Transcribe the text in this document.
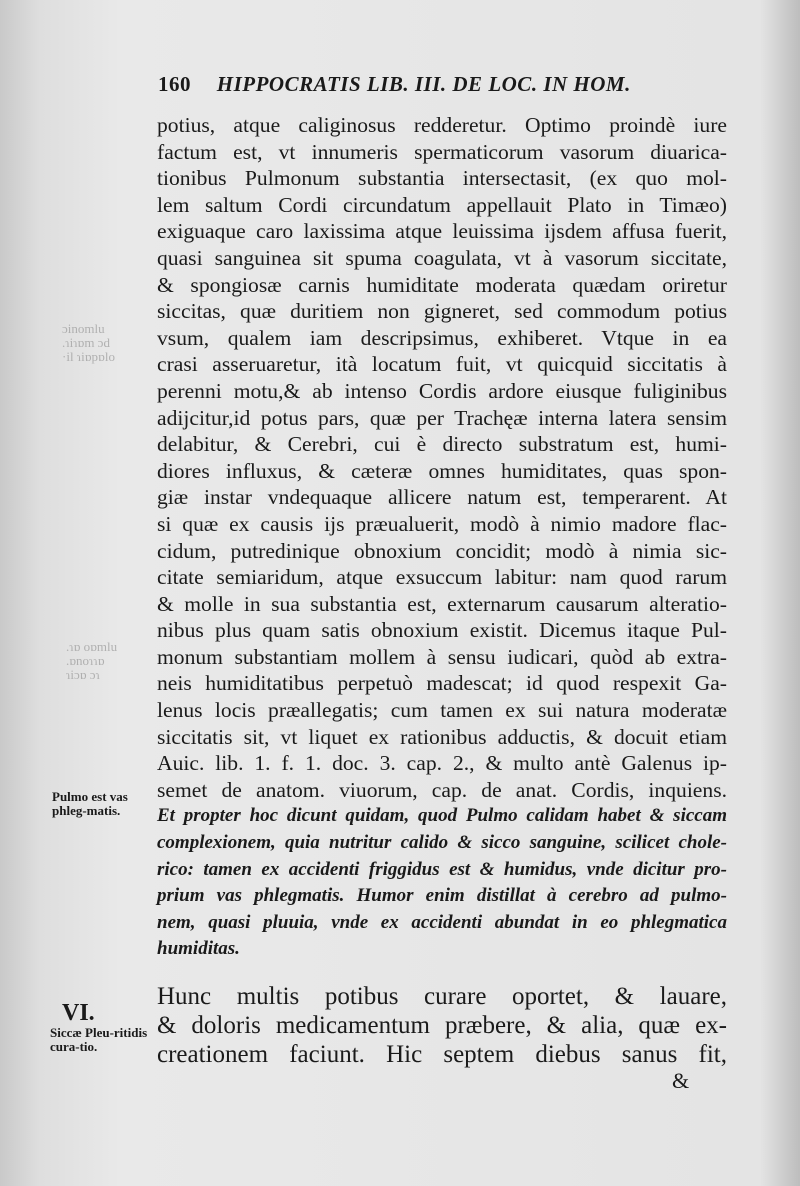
ɔinomlu
.ɿiɿɒm ɔd
·il ɿiɒpɒlo
.ɿɒ oɒmlu
.ɒnoɿɿɒ
ɿiɔɒ ɔɿ
160 HIPPOCRATIS LIB. III. DE LOC. IN HOM.
potius, atque caliginosus redderetur. Optimo proindè iure
factum est, vt innumeris spermaticorum vasorum diuarica-
tionibus Pulmonum substantia intersectasit, (ex quo mol-
lem saltum Cordi circundatum appellauit Plato in Timæo)
exiguaque caro laxissima atque leuissima ijsdem affusa fuerit,
quasi sanguinea sit spuma coagulata, vt à vasorum siccitate,
& spongiosæ carnis humiditate moderata quædam oriretur
siccitas, quæ duritiem non gigneret, sed commodum potius
vsum, qualem iam descripsimus, exhiberet. Vtque in ea
crasi asseruaretur, ità locatum fuit, vt quicquid siccitatis à
perenni motu,& ab intenso Cordis ardore eiusque fuliginibus
adijcitur,id potus pars, quæ per Trachęæ interna latera sensim
delabitur, & Cerebri, cui è directo substratum est, humi-
diores influxus, & cæteræ omnes humiditates, quas spon-
giæ instar vndequaque allicere natum est, temperarent. At
si quæ ex causis ijs præualuerit, modò à nimio madore flac-
cidum, putredinique obnoxium concidit; modò à nimia sic-
citate semiaridum, atque exsuccum labitur: nam quod rarum
& molle in sua substantia est, externarum causarum alteratio-
nibus plus quam satis obnoxium existit. Dicemus itaque Pul-
monum substantiam mollem à sensu iudicari, quòd ab extra-
neis humiditatibus perpetuò madescat; id quod respexit Ga-
lenus locis præallegatis; cum tamen ex sui natura moderatæ
siccitatis sit, vt liquet ex rationibus adductis, & docuit etiam
Auic. lib. 1. f. 1. doc. 3. cap. 2., & multo antè Galenus ip-
semet de anatom. viuorum, cap. de anat. Cordis, inquiens.
Et propter hoc dicunt quidam, quod Pulmo calidam habet & siccam
complexionem, quia nutritur calido & sicco sanguine, scilicet chole-
rico: tamen ex accidenti friggidus est & humidus, vnde dicitur pro-
prium vas phlegmatis. Humor enim distillat à cerebro ad pulmo-
nem, quasi pluuia, vnde ex accidenti abundat in eo phlegmatica
humiditas.
Hunc multis potibus curare oportet, & lauare,
& doloris medicamentum præbere, & alia, quæ ex-
creationem faciunt. Hic septem diebus sanus fit,
&
Pulmo est vas phleg-matis.
VI.
Siccæ Pleu-ritidis cura-tio.
